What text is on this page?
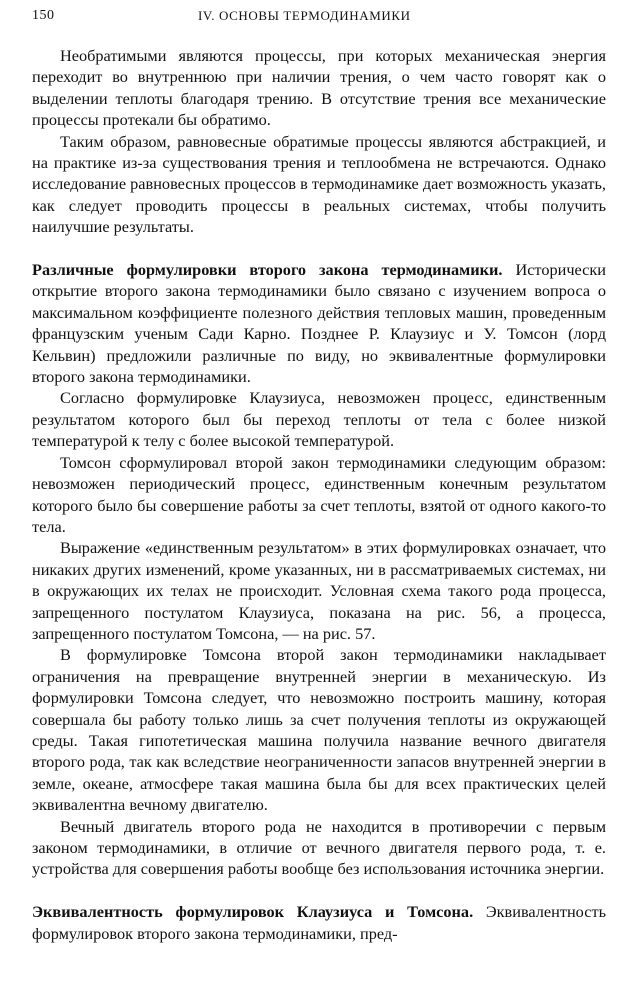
150	IV. ОСНОВЫ ТЕРМОДИНАМИКИ

Необратимыми являются процессы, при которых механическая энергия переходит во внутреннюю при наличии трения, о чем часто говорят как о выделении теплоты благодаря трению. В отсутствие трения все механические процессы протекали бы обратимо.

Таким образом, равновесные обратимые процессы являются абстракцией, и на практике из-за существования трения и теплообмена не встречаются. Однако исследование равновесных процессов в термодинамике дает возможность указать, как следует проводить процессы в реальных системах, чтобы получить наилучшие результаты.

Различные формулировки второго закона термодинамики. Исторически открытие второго закона термодинамики было связано с изучением вопроса о максимальном коэффициенте полезного действия тепловых машин, проведенным французским ученым Сади Карно. Позднее Р. Клаузиус и У. Томсон (лорд Кельвин) предложили различные по виду, но эквивалентные формулировки второго закона термодинамики.

Согласно формулировке Клаузиуса, невозможен процесс, единственным результатом которого был бы переход теплоты от тела с более низкой температурой к телу с более высокой температурой.

Томсон сформулировал второй закон термодинамики следующим образом: невозможен периодический процесс, единственным конечным результатом которого было бы совершение работы за счет теплоты, взятой от одного какого-то тела.

Выражение «единственным результатом» в этих формулировках означает, что никаких других изменений, кроме указанных, ни в рассматриваемых системах, ни в окружающих их телах не происходит. Условная схема такого рода процесса, запрещенного постулатом Клаузиуса, показана на рис. 56, а процесса, запрещенного постулатом Томсона, — на рис. 57.

В формулировке Томсона второй закон термодинамики накладывает ограничения на превращение внутренней энергии в механическую. Из формулировки Томсона следует, что невозможно построить машину, которая совершала бы работу только лишь за счет получения теплоты из окружающей среды. Такая гипотетическая машина получила название вечного двигателя второго рода, так как вследствие неограниченности запасов внутренней энергии в земле, океане, атмосфере такая машина была бы для всех практических целей эквивалентна вечному двигателю.

Вечный двигатель второго рода не находится в противоречии с первым законом термодинамики, в отличие от вечного двигателя первого рода, т. е. устройства для совершения работы вообще без использования источника энергии.

Эквивалентность формулировок Клаузиуса и Томсона. Эквивалентность формулировок второго закона термодинамики, пред-
